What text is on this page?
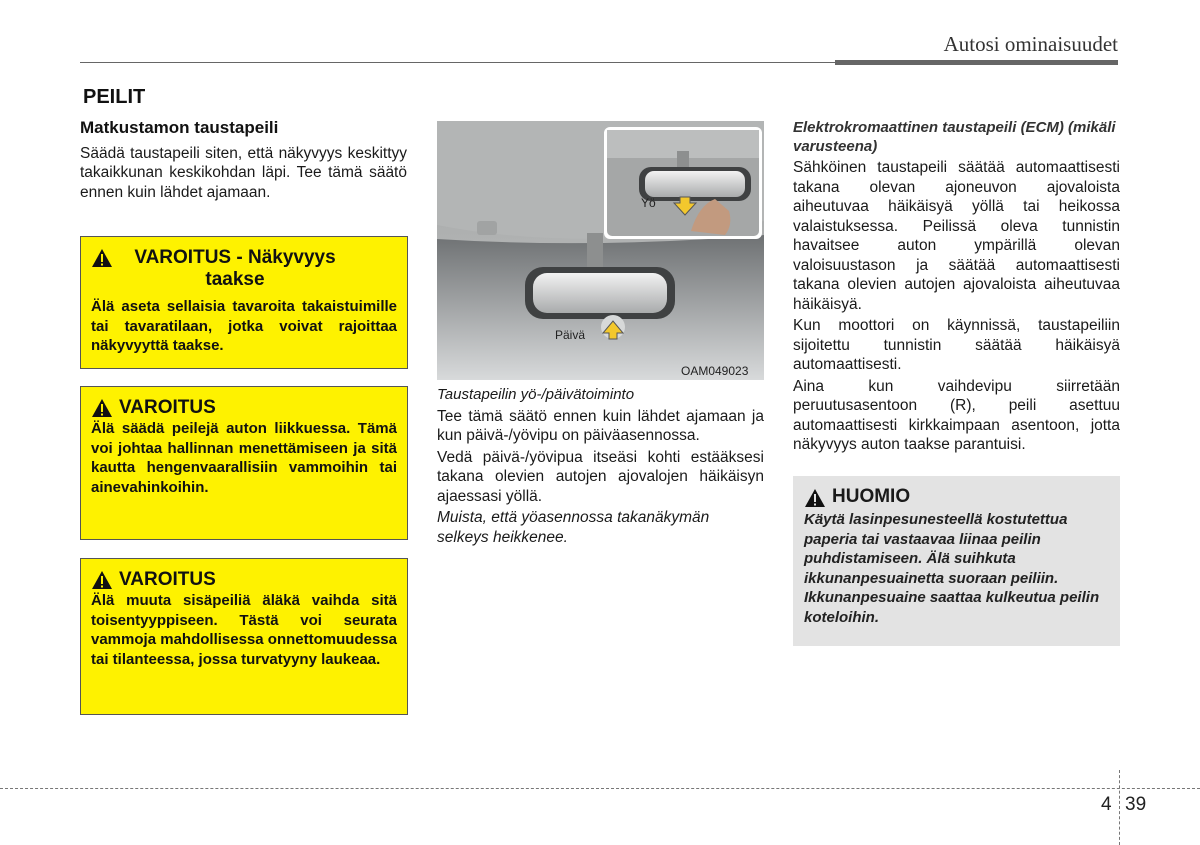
Autosi ominaisuudet
PEILIT
Matkustamon taustapeili

Säädä taustapeili siten, että näkyvyys keskittyy takaikkunan keskikohdan läpi. Tee tämä säätö ennen kuin lähdet ajamaan.

VAROITUS - Näkyvyys taakse
Älä aseta sellaisia tavaroita takaistuimille tai tavaratilaan, jotka voivat rajoittaa näkyvyyttä taakse.
VAROITUS
Älä säädä peilejä auton liikkuessa. Tämä voi johtaa hallinnan menettämiseen ja sitä kautta hengenvaarallisiin vammoihin tai ainevahinkoihin.
VAROITUS
Älä muuta sisäpeiliä äläkä vaihda sitä toisentyyppiseen. Tästä voi seurata vammoja mahdollisessa onnettomuudessa tai tilanteessa, jossa turvatyyny laukeaa.
Päivä
OAM049023
Yö

Taustapeilin yö-/päivätoiminto

Tee tämä säätö ennen kuin lähdet ajamaan ja kun päivä-/yövipu on päiväasennossa.

Vedä päivä-/yövipua itseäsi kohti estääksesi takana olevien autojen ajovalojen häikäisyn ajaessasi yöllä.

Muista, että yöasennossa takanäkymän selkeys heikkenee.

Elektrokromaattinen taustapeili (ECM) (mikäli varusteena)

Sähköinen taustapeili säätää automaattisesti takana olevan ajoneuvon ajovaloista aiheutuvaa häikäisyä yöllä tai heikossa valaistuksessa. Peilissä oleva tunnistin havaitsee auton ympärillä olevan valoisuustason ja säätää automaattisesti takana olevien autojen ajovaloista aiheutuvaa häikäisyä.

Kun moottori on käynnissä, taustapeiliin sijoitettu tunnistin säätää häikäisyä automaattisesti.

Aina kun vaihdevipu siirretään peruutusasentoon (R), peili asettuu automaattisesti kirkkaimpaan asentoon, jotta näkyvyys auton taakse parantuisi.

HUOMIO
Käytä lasinpesunesteellä kostutettua paperia tai vastaavaa liinaa peilin puhdistamiseen. Älä suihkuta ikkunanpesuainetta suoraan peiliin. Ikkunanpesuaine saattaa kulkeutua peilin koteloihin.
4 39
